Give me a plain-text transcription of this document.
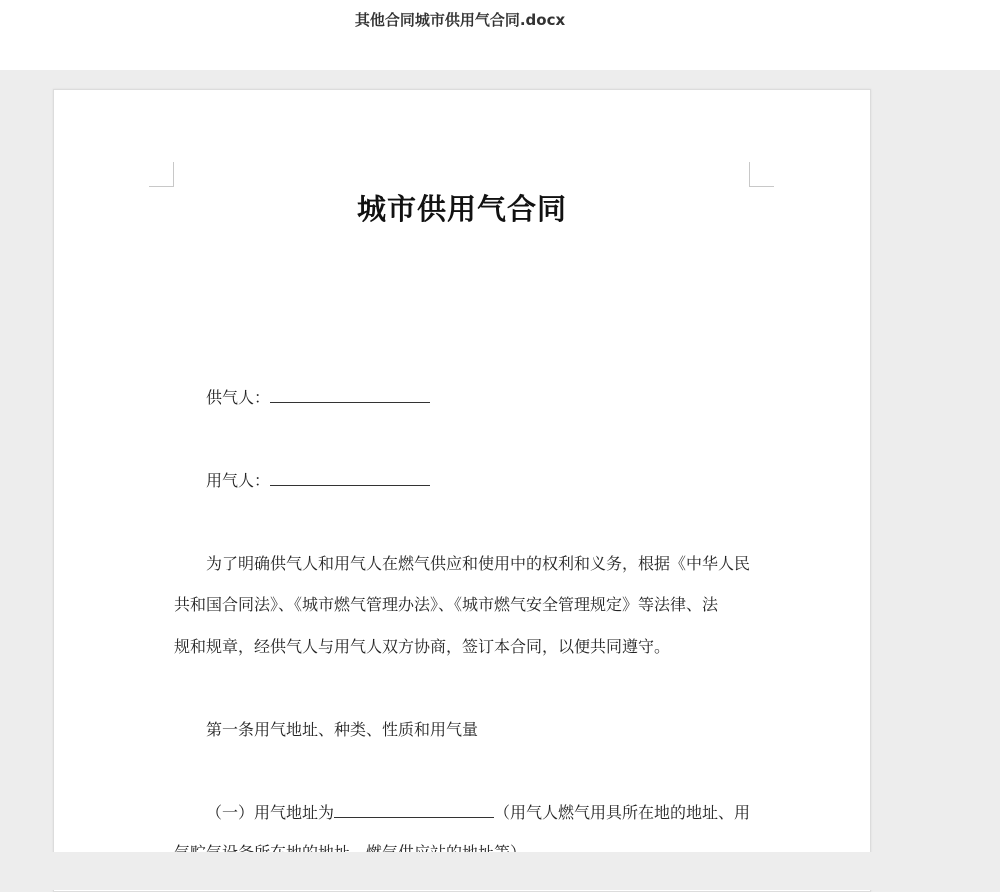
其他合同城市供用气合同.docx
城市供用气合同
供气人：
用气人：
为了明确供气人和用气人在燃气供应和使用中的权利和义务，根据《中华人民
共和国合同法》、《城市燃气管理办法》、《城市燃气安全管理规定》等法律、法
规和规章，经供气人与用气人双方协商，签订本合同，以便共同遵守。
第一条用气地址、种类、性质和用气量
（一）用气地址为	（用气人燃气用具所在地的地址、用
